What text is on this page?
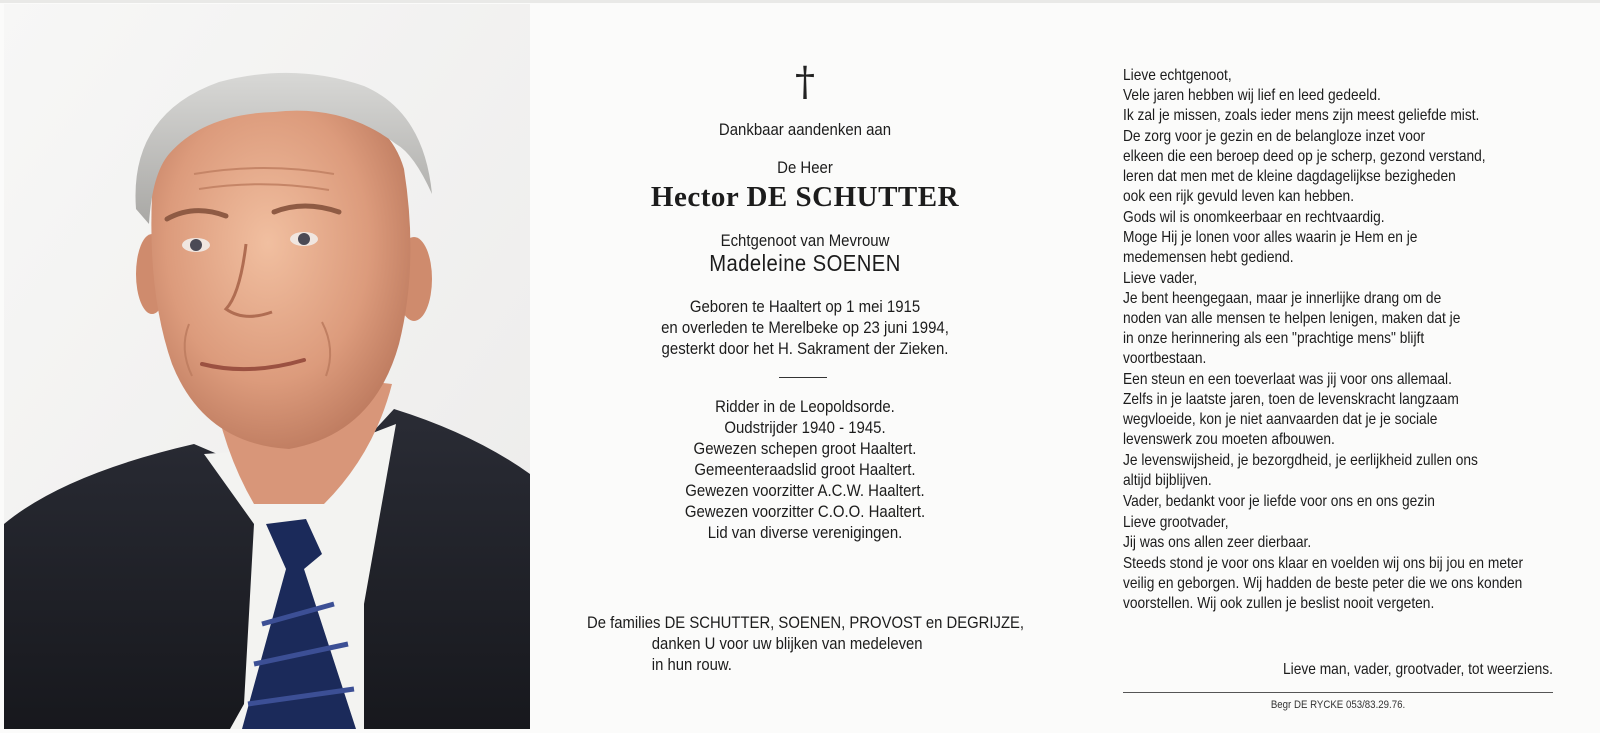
†
Dankbaar aandenken aan
De Heer
Hector DE SCHUTTER
Echtgenoot van Mevrouw
Madeleine SOENEN
Geboren te Haaltert op 1 mei 1915
en overleden te Merelbeke op 23 juni 1994,
gesterkt door het H. Sakrament der Zieken.
Ridder in de Leopoldsorde.
Oudstrijder 1940 - 1945.
Gewezen schepen groot Haaltert.
Gemeenteraadslid groot Haaltert.
Gewezen voorzitter A.C.W. Haaltert.
Gewezen voorzitter C.O.O. Haaltert.
Lid van diverse verenigingen.
De families DE SCHUTTER, SOENEN, PROVOST en DEGRIJZE,
danken U voor uw blijken van medeleven
in hun rouw.
Lieve echtgenoot,
Vele jaren hebben wij lief en leed gedeeld.
Ik zal je missen, zoals ieder mens zijn meest geliefde mist.
De zorg voor je gezin en de belangloze inzet voor
elkeen die een beroep deed op je scherp, gezond verstand,
leren dat men met de kleine dagdagelijkse bezigheden
ook een rijk gevuld leven kan hebben.
Gods wil is onomkeerbaar en rechtvaardig.
Moge Hij je lonen voor alles waarin je Hem en je
medemensen hebt gediend.
Lieve vader,
Je bent heengegaan, maar je innerlijke drang om de
noden van alle mensen te helpen lenigen, maken dat je
in onze herinnering als een "prachtige mens" blijft
voortbestaan.
Een steun en een toeverlaat was jij voor ons allemaal.
Zelfs in je laatste jaren, toen de levenskracht langzaam
wegvloeide, kon je niet aanvaarden dat je je sociale
levenswerk zou moeten afbouwen.
Je levenswijsheid, je bezorgdheid, je eerlijkheid zullen ons
altijd bijblijven.
Vader, bedankt voor je liefde voor ons en ons gezin
Lieve grootvader,
Jij was ons allen zeer dierbaar.
Steeds stond je voor ons klaar en voelden wij ons bij jou en meter
veilig en geborgen. Wij hadden de beste peter die we ons konden
voorstellen. Wij ook zullen je beslist nooit vergeten.
Lieve man, vader, grootvader, tot weerziens.
Begr DE RYCKE 053/83.29.76.
